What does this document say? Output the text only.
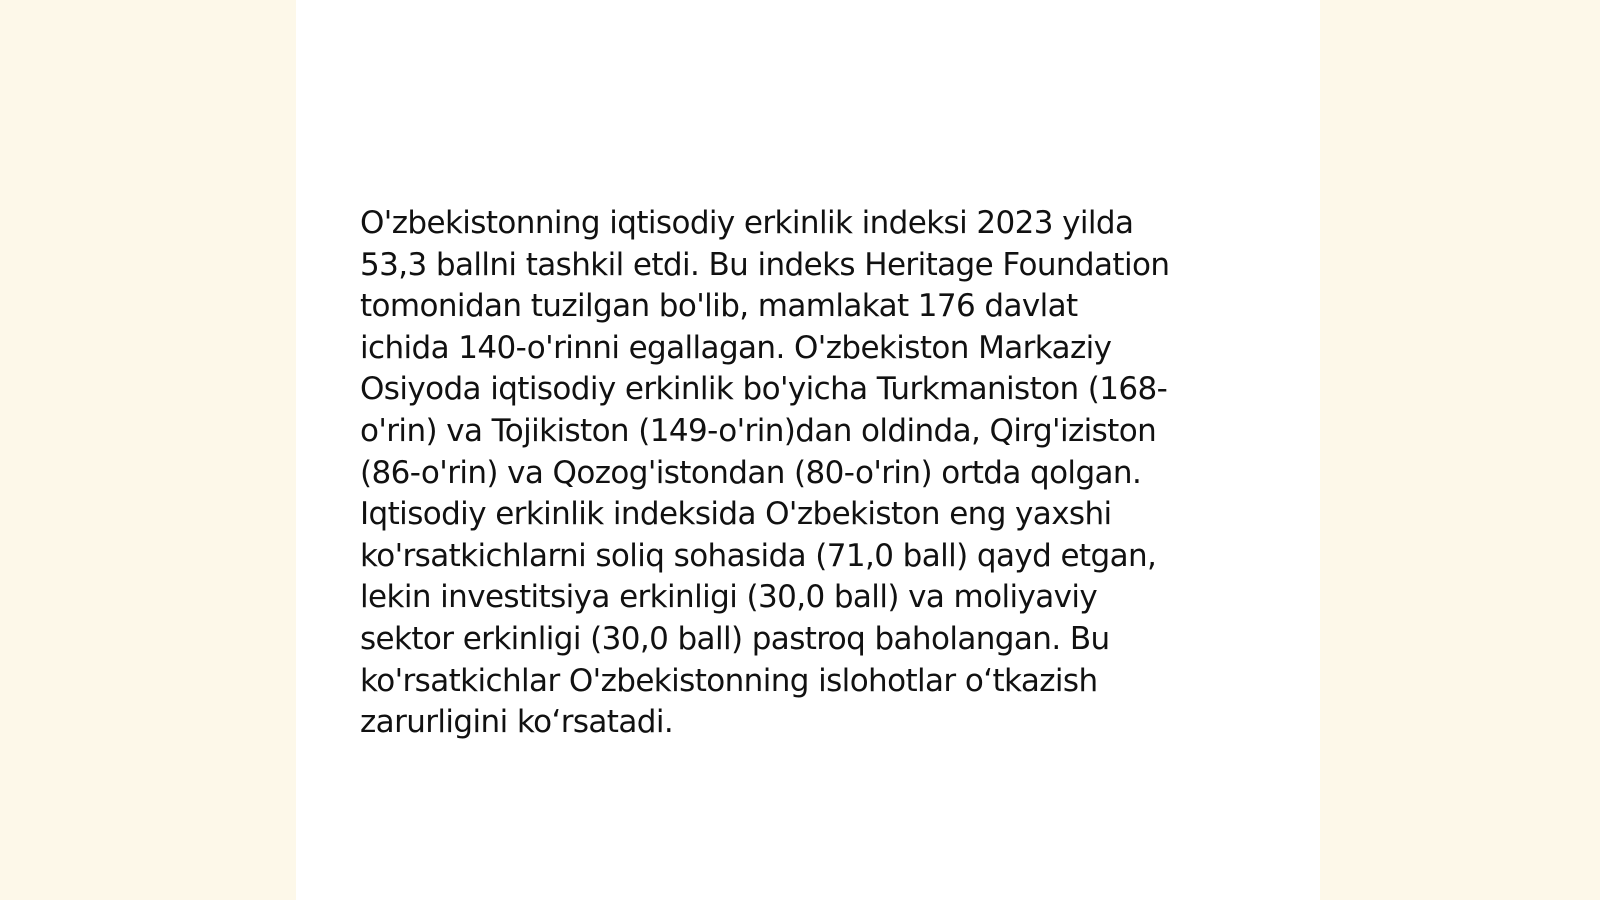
O'zbekistonning iqtisodiy erkinlik indeksi 2023 yilda
53,3 ballni tashkil etdi. Bu indeks Heritage Foundation
tomonidan tuzilgan bo'lib, mamlakat 176 davlat
ichida 140-o'rinni egallagan. O'zbekiston Markaziy
Osiyoda iqtisodiy erkinlik bo'yicha Turkmaniston (168-
o'rin) va Tojikiston (149-o'rin)dan oldinda, Qirg'iziston
(86-o'rin) va Qozog'istondan (80-o'rin) ortda qolgan.
Iqtisodiy erkinlik indeksida O'zbekiston eng yaxshi
ko'rsatkichlarni soliq sohasida (71,0 ball) qayd etgan,
lekin investitsiya erkinligi (30,0 ball) va moliyaviy
sektor erkinligi (30,0 ball) pastroq baholangan. Bu
ko'rsatkichlar O'zbekistonning islohotlar o‘tkazish
zarurligini ko‘rsatadi.
